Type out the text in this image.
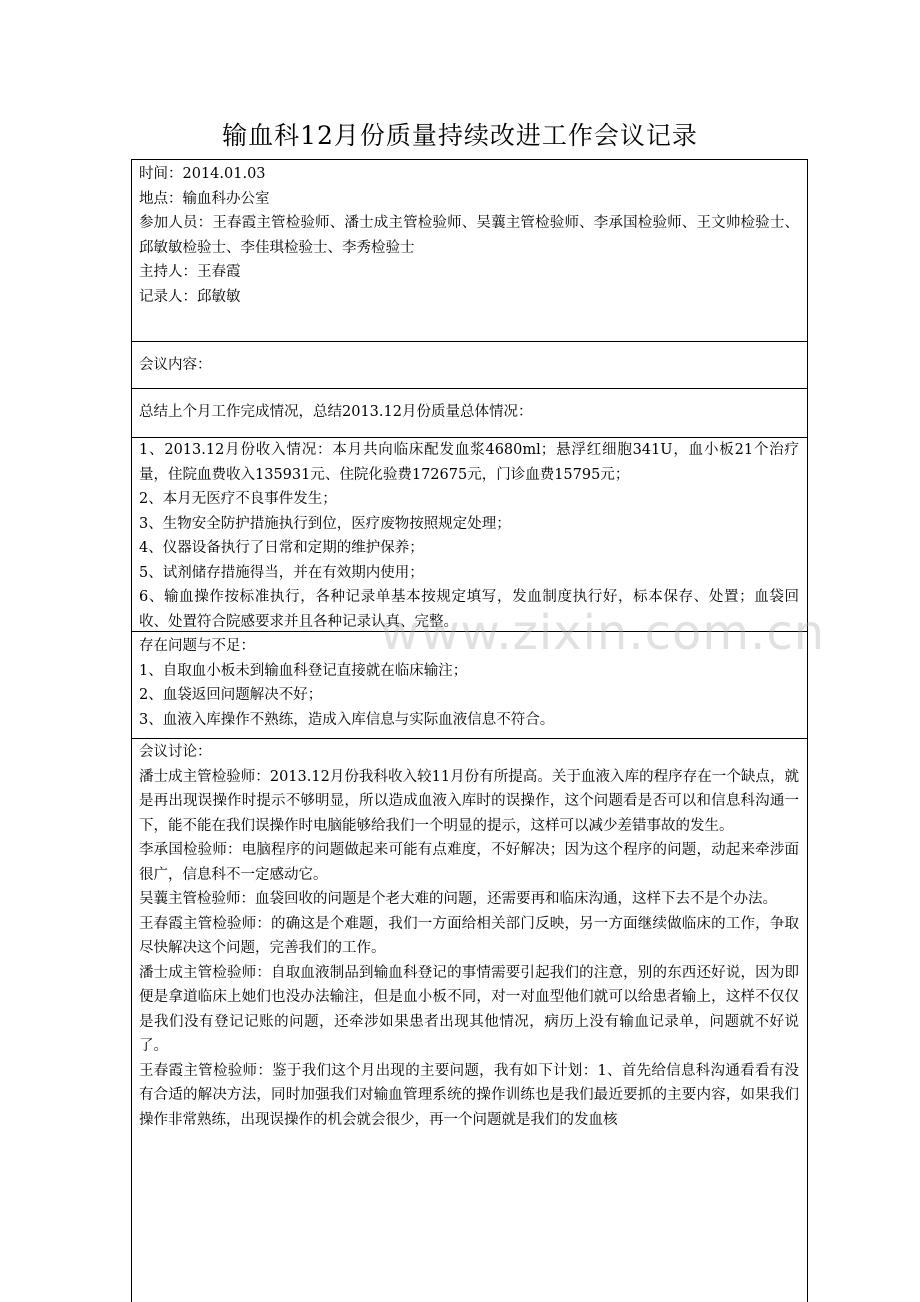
输血科12月份质量持续改进工作会议记录

时间：2014.01.03

地点：输血科办公室

参加人员：王春霞主管检验师、潘士成主管检验师、吴蘘主管检验师、李承国检验师、王文帅检验士、邱敏敏检验士、李佳琪检验士、李秀检验士

主持人：王春霞

记录人：邱敏敏

会议内容：

总结上个月工作完成情况，总结2013.12月份质量总体情况：

1、2013.12月份收入情况：本月共向临床配发血浆4680ml；悬浮红细胞341U，血小板21个治疗量，住院血费收入135931元、住院化验费172675元，门诊血费15795元；

2、本月无医疗不良事件发生；

3、生物安全防护措施执行到位，医疗废物按照规定处理；

4、仪器设备执行了日常和定期的维护保养；

5、试剂储存措施得当，并在有效期内使用；

6、输血操作按标准执行，各种记录单基本按规定填写，发血制度执行好，标本保存、处置；血袋回收、处置符合院感要求并且各种记录认真、完整。

存在问题与不足：

1、自取血小板未到输血科登记直接就在临床输注；

2、血袋返回问题解决不好；

3、血液入库操作不熟练，造成入库信息与实际血液信息不符合。

会议讨论：

潘士成主管检验师：2013.12月份我科收入较11月份有所提高。关于血液入库的程序存在一个缺点，就是再出现误操作时提示不够明显，所以造成血液入库时的误操作，这个问题看是否可以和信息科沟通一下，能不能在我们误操作时电脑能够给我们一个明显的提示，这样可以减少差错事故的发生。

李承国检验师：电脑程序的问题做起来可能有点难度，不好解决；因为这个程序的问题，动起来牵涉面很广，信息科不一定感动它。

吴蘘主管检验师：血袋回收的问题是个老大难的问题，还需要再和临床沟通，这样下去不是个办法。

王春霞主管检验师：的确这是个难题，我们一方面给相关部门反映，另一方面继续做临床的工作，争取尽快解决这个问题，完善我们的工作。

潘士成主管检验师：自取血液制品到输血科登记的事情需要引起我们的注意，别的东西还好说，因为即便是拿道临床上她们也没办法输注，但是血小板不同，对一对血型他们就可以给患者输上，这样不仅仅是我们没有登记记账的问题，还牵涉如果患者出现其他情况，病历上没有输血记录单，问题就不好说了。

王春霞主管检验师：鉴于我们这个月出现的主要问题，我有如下计划：1、首先给信息科沟通看看有没有合适的解决方法，同时加强我们对输血管理系统的操作训练也是我们最近要抓的主要内容，如果我们操作非常熟练，出现误操作的机会就会很少，再一个问题就是我们的发血核

www.zixin.com.cn
